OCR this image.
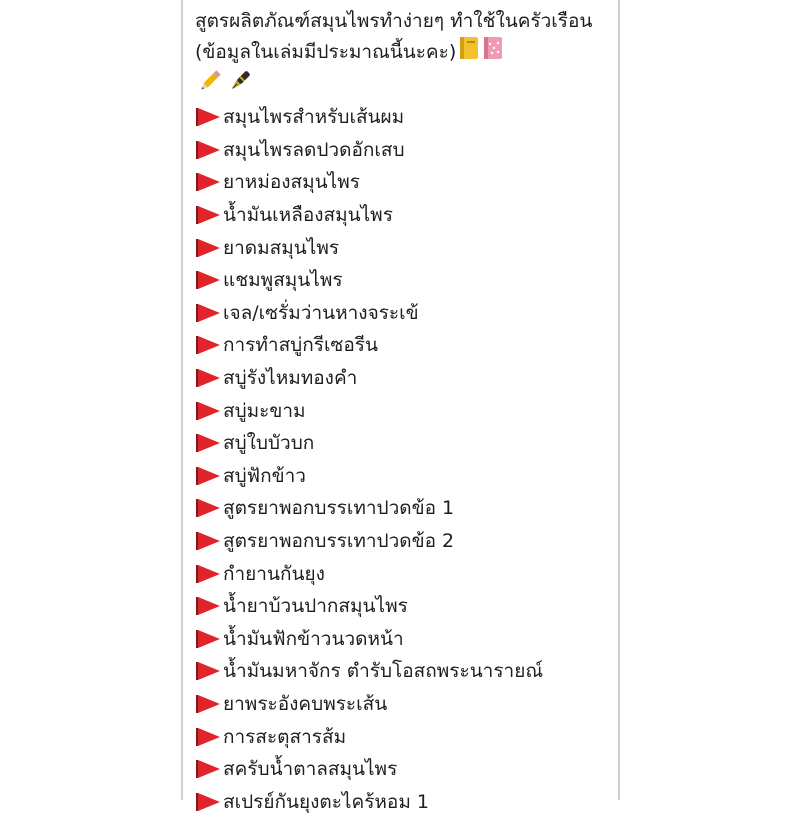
สูตรผลิตภัณฑ์สมุนไพรทำง่ายๆ ทำใช้ในครัวเรือน (ข้อมูลในเล่มมีประมาณนี้นะคะ)

สมุนไพรสำหรับเส้นผม
สมุนไพรลดปวดอักเสบ
ยาหม่องสมุนไพร
น้ำมันเหลืองสมุนไพร
ยาดมสมุนไพร
แชมพูสมุนไพร
เจล/เซรั่มว่านหางจระเข้
การทำสบู่กรีเซอรีน
สบู่รังไหมทองคำ
สบู่มะขาม
สบู่ใบบัวบก
สบู่ฟักข้าว
สูตรยาพอกบรรเทาปวดข้อ 1
สูตรยาพอกบรรเทาปวดข้อ 2
กำยานกันยุง
น้ำยาบ้วนปากสมุนไพร
น้ำมันฟักข้าวนวดหน้า
น้ำมันมหาจักร ตำรับโอสถพระนารายณ์
ยาพระอังคบพระเส้น
การสะตุสารส้ม
สครับน้ำตาลสมุนไพร
สเปรย์กันยุงตะไคร้หอม 1
